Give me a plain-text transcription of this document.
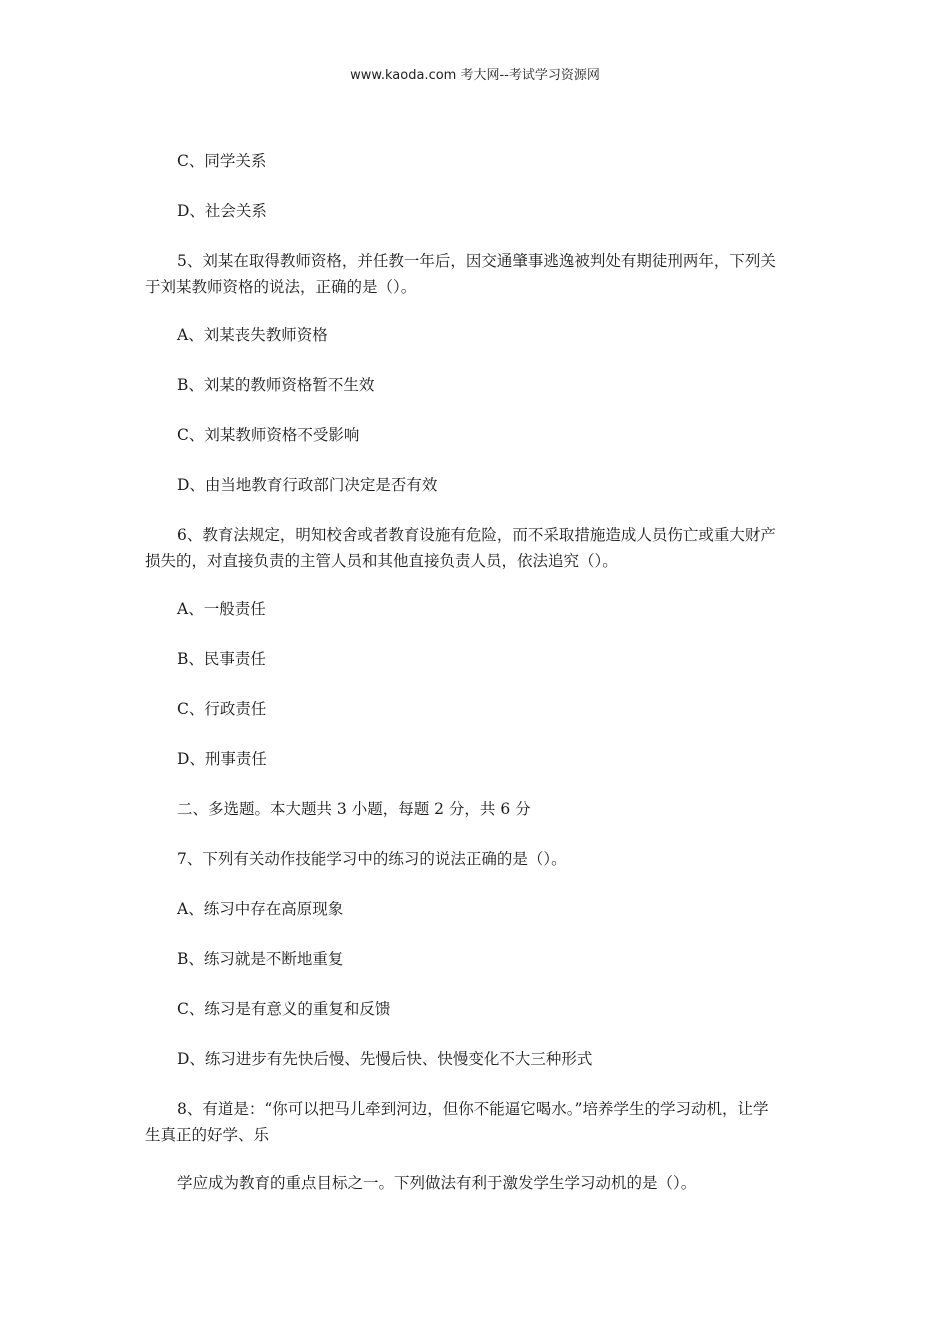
www.kaoda.com 考大网--考试学习资源网
C、同学关系
D、社会关系
5、刘某在取得教师资格，并任教一年后，因交通肇事逃逸被判处有期徒刑两年，下列关
于刘某教师资格的说法，正确的是（）。
A、刘某丧失教师资格
B、刘某的教师资格暂不生效
C、刘某教师资格不受影响
D、由当地教育行政部门决定是否有效
6、教育法规定，明知校舍或者教育设施有危险，而不采取措施造成人员伤亡或重大财产
损失的，对直接负责的主管人员和其他直接负责人员，依法追究（）。
A、一般责任
B、民事责任
C、行政责任
D、刑事责任
二、多选题。本大题共 3 小题，每题 2 分，共 6 分
7、下列有关动作技能学习中的练习的说法正确的是（）。
A、练习中存在高原现象
B、练习就是不断地重复
C、练习是有意义的重复和反馈
D、练习进步有先快后慢、先慢后快、快慢变化不大三种形式
8、有道是：“你可以把马儿牵到河边，但你不能逼它喝水。”培养学生的学习动机，让学
生真正的好学、乐
学应成为教育的重点目标之一。下列做法有利于激发学生学习动机的是（）。
